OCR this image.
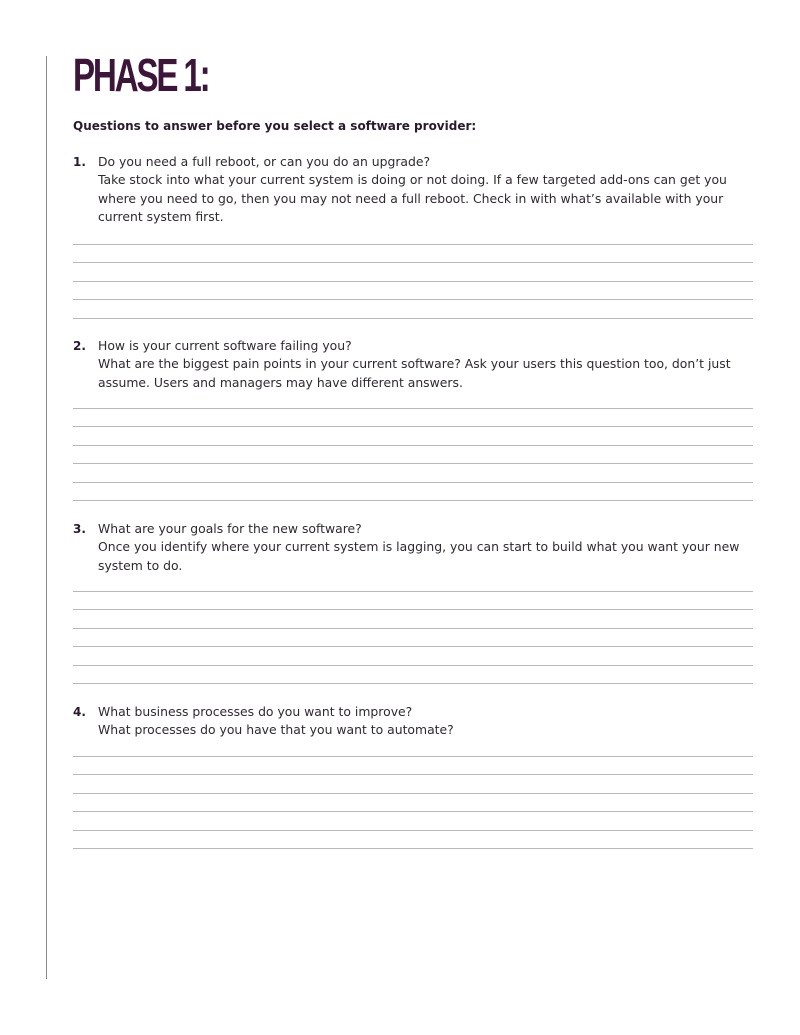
PHASE 1:

Questions to answer before you select a software provider:

1. Do you need a full reboot, or can you do an upgrade?
Take stock into what your current system is doing or not doing. If a few targeted add-ons can get you where you need to go, then you may not need a full reboot. Check in with what’s available with your current system first.
2. How is your current software failing you?
What are the biggest pain points in your current software? Ask your users this question too, don’t just assume. Users and managers may have different answers.
3. What are your goals for the new software?
Once you identify where your current system is lagging, you can start to build what you want your new system to do.
4. What business processes do you want to improve?
What processes do you have that you want to automate?
